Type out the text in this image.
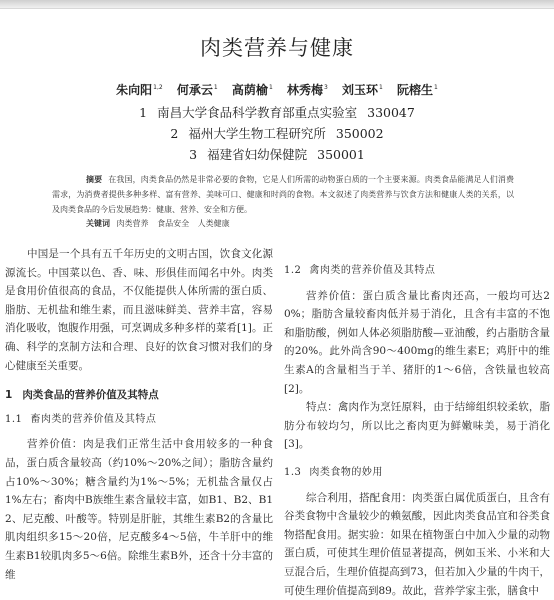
肉类营养与健康
朱向阳$^{1,2}$ 何承云$^1$ 高荫榆$^1$ 林秀梅$^3$ 刘玉环$^1$ 阮榕生$^1$
1 南昌大学食品科学教育部重点实验室 330047
2 福州大学生物工程研究所 350002
3 福建省妇幼保健院 350001
摘要 在我国，肉类食品仍然是非常必要的食物，它是人们所需的动物蛋白质的一个主要来源。肉类食品能满足人们消费需求，为消费者提供多种多样、富有营养、美味可口、健康和时尚的食物。本文叙述了肉类营养与饮食方法和健康人类的关系，以及肉类食品的今后发展趋势：健康、营养、安全和方便。
关键词 肉类营养 食品安全 人类健康

中国是一个具有五千年历史的文明古国，饮食文化源源流长。中国菜以色、香、味、形俱佳而闻名中外。肉类是食用价值很高的食品，不仅能提供人体所需的蛋白质、脂肪、无机盐和维生素，而且滋味鲜美、营养丰富，容易消化吸收，饱腹作用强，可烹调成多种多样的菜肴[1]。正确、科学的烹制方法和合理、良好的饮食习惯对我们的身心健康至关重要。

1 肉类食品的营养价值及其特点
1.1 畜肉类的营养价值及其特点

营养价值：肉是我们正常生活中食用较多的一种食品，蛋白质含量较高（约10%～20%之间）；脂肪含量约占10%～30%；糖含量约为1%～5%；无机盐含量仅占1%左右；畜肉中B族维生素含量较丰富，如B1、B2、B12、尼克酸、叶酸等。特别是肝脏，其维生素B2的含量比肌肉组织多15～20倍，尼克酸多4～5倍，牛羊肝中的维生素B1较肌肉多5～6倍。除维生素B外，还含十分丰富的维

1.2 禽肉类的营养价值及其特点

营养价值：蛋白质含量比畜肉还高，一般均可达20%；脂肪含量较畜肉低并易于消化，且含有丰富的不饱和脂肪酸，例如人体必须脂肪酸—亚油酸，约占脂肪含量的20%。此外尚含90～400mg的维生素E；鸡肝中的维生素A的含量相当于羊、猪肝的1～6倍，含铁量也较高[2]。

特点：禽肉作为烹饪原料，由于结缔组织较柔软，脂肪分布较均匀，所以比之畜肉更为鲜嫩味美，易于消化[3]。

1.3 肉类食物的妙用

综合利用，搭配食用：肉类蛋白属优质蛋白，且含有谷类食物中含量较少的赖氨酸，因此肉类食品宜和谷类食物搭配食用。据实验：如果在植物蛋白中加入少量的动物蛋白质，可使其生理价值显著提高，例如玉米、小米和大豆混合后，生理价值提高到73，但若加入少量的牛肉干，可使生理价值提高到89。故此，营养学家主张，膳食中
